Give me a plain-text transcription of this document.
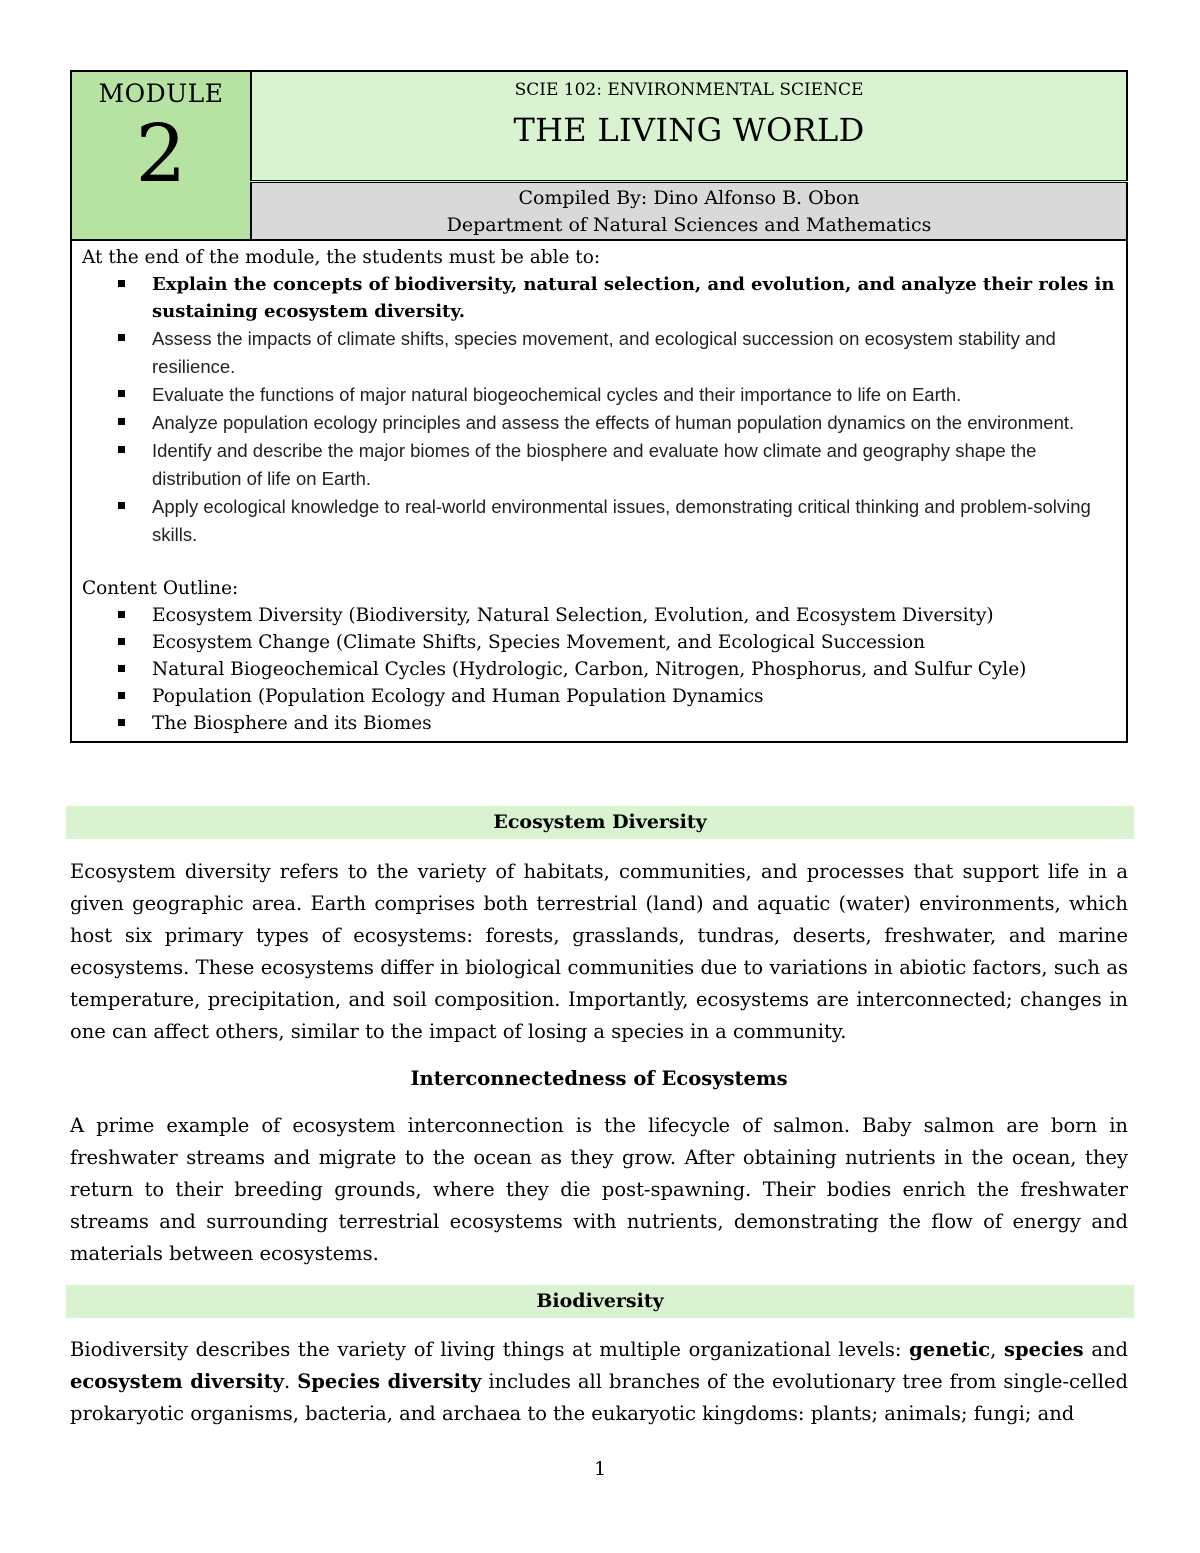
MODULE
2

SCIE 102: ENVIRONMENTAL SCIENCE
THE LIVING WORLD

Compiled By: Dino Alfonso B. Obon
Department of Natural Sciences and Mathematics

At the end of the module, the students must be able to:
Explain the concepts of biodiversity, natural selection, and evolution, and analyze their roles in sustaining ecosystem diversity.
Assess the impacts of climate shifts, species movement, and ecological succession on ecosystem stability and resilience.
Evaluate the functions of major natural biogeochemical cycles and their importance to life on Earth.
Analyze population ecology principles and assess the effects of human population dynamics on the environment.
Identify and describe the major biomes of the biosphere and evaluate how climate and geography shape the distribution of life on Earth.
Apply ecological knowledge to real-world environmental issues, demonstrating critical thinking and problem-solving skills.
Content Outline:
Ecosystem Diversity (Biodiversity, Natural Selection, Evolution, and Ecosystem Diversity)
Ecosystem Change (Climate Shifts, Species Movement, and Ecological Succession
Natural Biogeochemical Cycles (Hydrologic, Carbon, Nitrogen, Phosphorus, and Sulfur Cyle)
Population (Population Ecology and Human Population Dynamics
The Biosphere and its Biomes
Ecosystem Diversity
Ecosystem diversity refers to the variety of habitats, communities, and processes that support life in a given geographic area. Earth comprises both terrestrial (land) and aquatic (water) environments, which host six primary types of ecosystems: forests, grasslands, tundras, deserts, freshwater, and marine ecosystems. These ecosystems differ in biological communities due to variations in abiotic factors, such as temperature, precipitation, and soil composition. Importantly, ecosystems are interconnected; changes in one can affect others, similar to the impact of losing a species in a community.
Interconnectedness of Ecosystems
A prime example of ecosystem interconnection is the lifecycle of salmon. Baby salmon are born in freshwater streams and migrate to the ocean as they grow. After obtaining nutrients in the ocean, they return to their breeding grounds, where they die post-spawning. Their bodies enrich the freshwater streams and surrounding terrestrial ecosystems with nutrients, demonstrating the flow of energy and materials between ecosystems.
Biodiversity
Biodiversity describes the variety of living things at multiple organizational levels: genetic, species and ecosystem diversity. Species diversity includes all branches of the evolutionary tree from single-celled prokaryotic organisms, bacteria, and archaea to the eukaryotic kingdoms: plants; animals; fungi; and
1
